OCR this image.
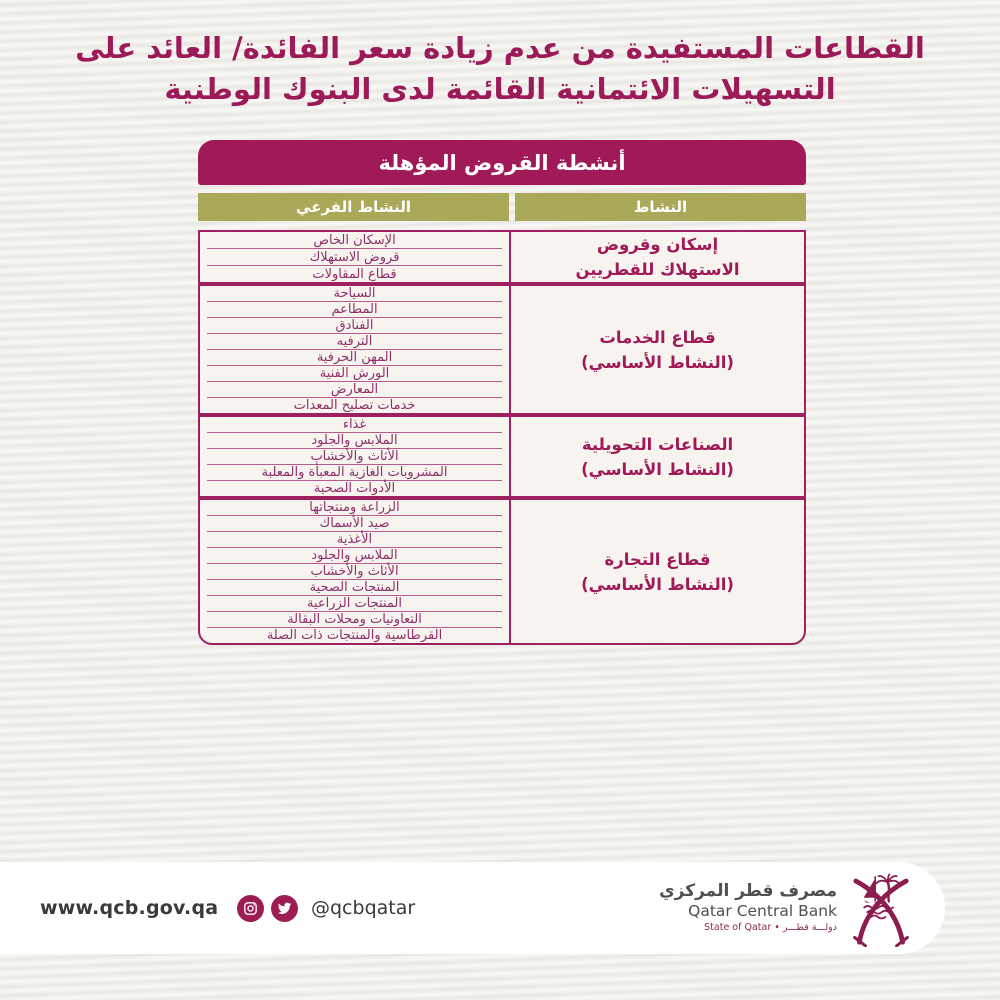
القطاعات المستفيدة من عدم زيادة سعر الفائدة/ العائد على
التسهيلات الائتمانية القائمة لدى البنوك الوطنية
أنشطة القروض المؤهلة
النشاط الفرعي	النشاط
الإسكان الخاص
قروض الاستهلاك
قطاع المقاولات
إسكان وقروض
الاستهلاك للقطريين
السياحة
المطاعم
الفنادق
الترفيه
المهن الحرفية
الورش الفنية
المعارض
خدمات تصليح المعدات
قطاع الخدمات
(النشاط الأساسي)
غذاء
الملابس والجلود
الأثاث والأخشاب
المشروبات الغازية المعبأة والمعلبة
الأدوات الصحية
الصناعات التحويلية
(النشاط الأساسي)
الزراعة ومنتجاتها
صيد الأسماك
الأغذية
الملابس والجلود
الأثاث والأخشاب
المنتجات الصحية
المنتجات الزراعية
التعاونيات ومحلات البقالة
القرطاسية والمنتجات ذات الصلة
قطاع التجارة
(النشاط الأساسي)
www.qcb.gov.qa	@qcbqatar
مصرف قطر المركزي
Qatar Central Bank
State of Qatar • دولـــة قطـــر
